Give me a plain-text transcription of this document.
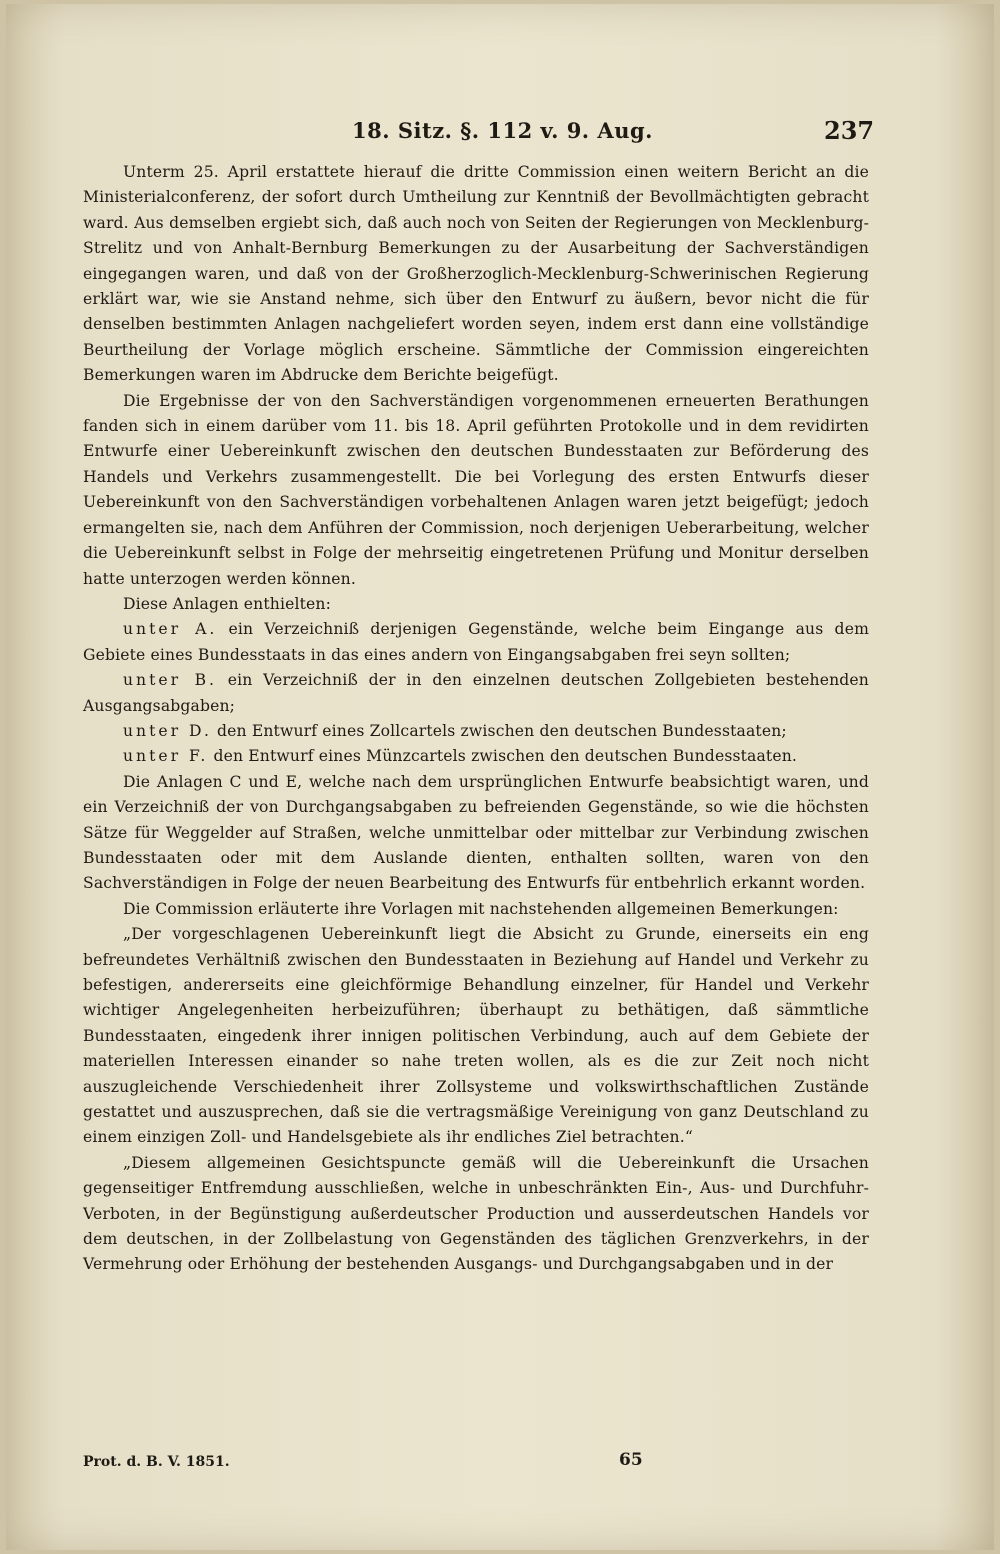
18. Sitz. §. 112 v. 9. Aug.	237

Unterm 25. April erstattete hierauf die dritte Commission einen weitern Bericht an die Ministerialconferenz, der sofort durch Umtheilung zur Kenntniß der Bevollmächtigten gebracht ward. Aus demselben ergiebt sich, daß auch noch von Seiten der Regierungen von Mecklenburg-Strelitz und von Anhalt-Bernburg Bemerkungen zu der Ausarbeitung der Sachverständigen eingegangen waren, und daß von der Großherzoglich-Mecklenburg-Schwerinischen Regierung erklärt war, wie sie Anstand nehme, sich über den Entwurf zu äußern, bevor nicht die für denselben bestimmten Anlagen nachgeliefert worden seyen, indem erst dann eine vollständige Beurtheilung der Vorlage möglich erscheine. Sämmtliche der Commission eingereichten Bemerkungen waren im Abdrucke dem Berichte beigefügt.

Die Ergebnisse der von den Sachverständigen vorgenommenen erneuerten Berathungen fanden sich in einem darüber vom 11. bis 18. April geführten Protokolle und in dem revidirten Entwurfe einer Uebereinkunft zwischen den deutschen Bundesstaaten zur Beförderung des Handels und Verkehrs zusammengestellt. Die bei Vorlegung des ersten Entwurfs dieser Uebereinkunft von den Sachverständigen vorbehaltenen Anlagen waren jetzt beigefügt; jedoch ermangelten sie, nach dem Anführen der Commission, noch derjenigen Ueberarbeitung, welcher die Uebereinkunft selbst in Folge der mehrseitig eingetretenen Prüfung und Monitur derselben hatte unterzogen werden können.

Diese Anlagen enthielten:

unter A. ein Verzeichniß derjenigen Gegenstände, welche beim Eingange aus dem Gebiete eines Bundesstaats in das eines andern von Eingangsabgaben frei seyn sollten;

unter B. ein Verzeichniß der in den einzelnen deutschen Zollgebieten bestehenden Ausgangsabgaben;

unter D. den Entwurf eines Zollcartels zwischen den deutschen Bundesstaaten;

unter F. den Entwurf eines Münzcartels zwischen den deutschen Bundesstaaten.

Die Anlagen C und E, welche nach dem ursprünglichen Entwurfe beabsichtigt waren, und ein Verzeichniß der von Durchgangsabgaben zu befreienden Gegenstände, so wie die höchsten Sätze für Weggelder auf Straßen, welche unmittelbar oder mittelbar zur Verbindung zwischen Bundesstaaten oder mit dem Auslande dienten, enthalten sollten, waren von den Sachverständigen in Folge der neuen Bearbeitung des Entwurfs für entbehrlich erkannt worden.

Die Commission erläuterte ihre Vorlagen mit nachstehenden allgemeinen Bemerkungen:

„Der vorgeschlagenen Uebereinkunft liegt die Absicht zu Grunde, einerseits ein eng befreundetes Verhältniß zwischen den Bundesstaaten in Beziehung auf Handel und Verkehr zu befestigen, andererseits eine gleichförmige Behandlung einzelner, für Handel und Verkehr wichtiger Angelegenheiten herbeizuführen; überhaupt zu bethätigen, daß sämmtliche Bundesstaaten, eingedenk ihrer innigen politischen Verbindung, auch auf dem Gebiete der materiellen Interessen einander so nahe treten wollen, als es die zur Zeit noch nicht auszugleichende Verschiedenheit ihrer Zollsysteme und volkswirthschaftlichen Zustände gestattet und auszusprechen, daß sie die vertragsmäßige Vereinigung von ganz Deutschland zu einem einzigen Zoll- und Handelsgebiete als ihr endliches Ziel betrachten.“

„Diesem allgemeinen Gesichtspuncte gemäß will die Uebereinkunft die Ursachen gegenseitiger Entfremdung ausschließen, welche in unbeschränkten Ein-, Aus- und Durchfuhr-Verboten, in der Begünstigung außerdeutscher Production und ausserdeutschen Handels vor dem deutschen, in der Zollbelastung von Gegenständen des täglichen Grenzverkehrs, in der Vermehrung oder Erhöhung der bestehenden Ausgangs- und Durchgangsabgaben und in der

Prot. d. B. V. 1851.	65
